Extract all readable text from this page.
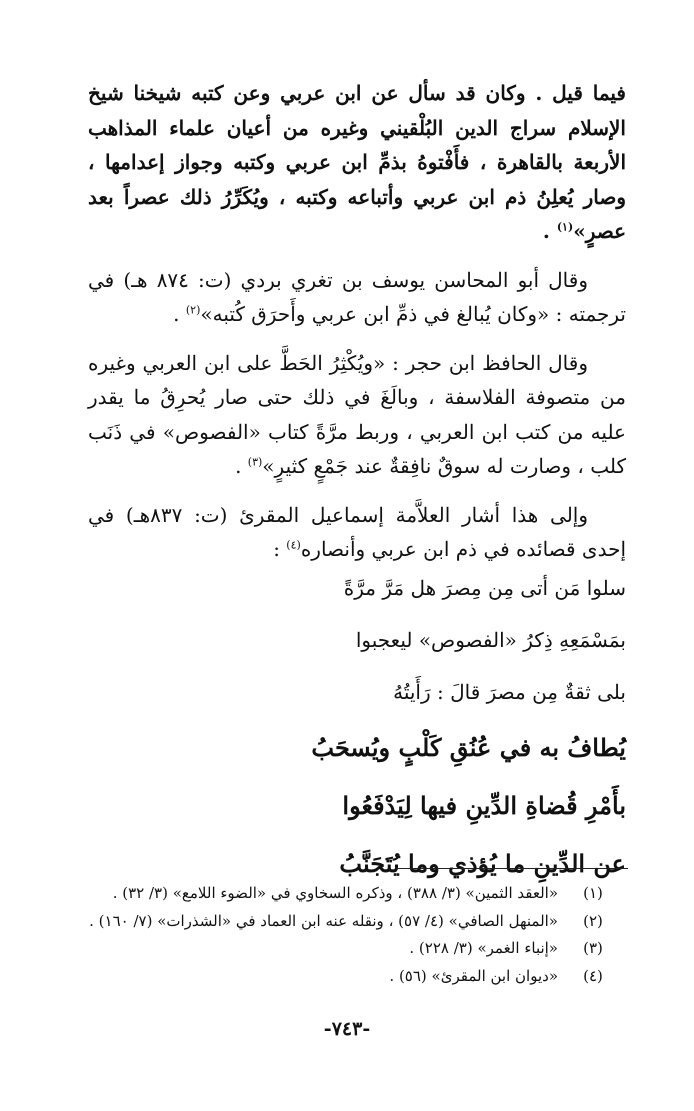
فيما قيل . وكان قد سأل عن ابن عربي وعن كتبه شيخنا شيخ الإسلام سراج الدين البُلْقيني وغيره من أعيان علماء المذاهب الأربعة بالقاهرة ، فأَفْتوهُ بذمِّ ابن عربي وكتبه وجواز إعدامها ، وصار يُعلِنُ ذم ابن عربي وأتباعه وكتبه ، ويُكَرِّرُ ذلك عصراً بعد عصرٍ»$^{(١)}$ .

وقال أبو المحاسن يوسف بن تغري بردي (ت: ٨٧٤ هـ) في ترجمته : «وكان يُبالغ في ذمِّ ابن عربي وأَحرَق كُتبه»$^{(٢)}$ .

وقال الحافظ ابن حجر : «ويُكْثِرُ الحَطَّ على ابن العربي وغيره من متصوفة الفلاسفة ، وبالَغَ في ذلك حتى صار يُحرِقُ ما يقدر عليه من كتب ابن العربي ، وربط مرَّةً كتاب «الفصوص» في ذَنَب كلب ، وصارت له سوقٌ نافِقةٌ عند جَمْعٍ كثيرٍ»$^{(٣)}$ .

وإلى هذا أشار العلاَّمة إسماعيل المقرئ (ت: ٨٣٧هـ) في إحدى قصائده في ذم ابن عربي وأنصاره$^{(٤)}$ :

سلوا مَن أتى مِن مِصرَ هل مَرَّ مرَّةً

بمَسْمَعِهِ ذِكرُ «الفصوص» ليعجبوا

بلى ثقةٌ مِن مصرَ قالَ : رَأَيتُهُ

يُطافُ به في عُنُقِ كَلْبٍ ويُسحَبُ

بأَمْرِ قُضاةِ الدِّينِ فيها لِيَدْفَعُوا

عن الدِّينِ ما يُؤذي وما يُتَجَنَّبُ

(١)
«العقد الثمين» (٣/ ٣٨٨) ، وذكره السخاوي في «الضوء اللامع» (٣/ ٣٢) .
(٢)
«المنهل الصافي» (٤/ ٥٧) ، ونقله عنه ابن العماد في «الشذرات» (٧/ ١٦٠) .
(٣)
«إنباء الغمر» (٣/ ٢٢٨) .
(٤)
«ديوان ابن المقرئ» (٥٦) .
-٧٤٣-
